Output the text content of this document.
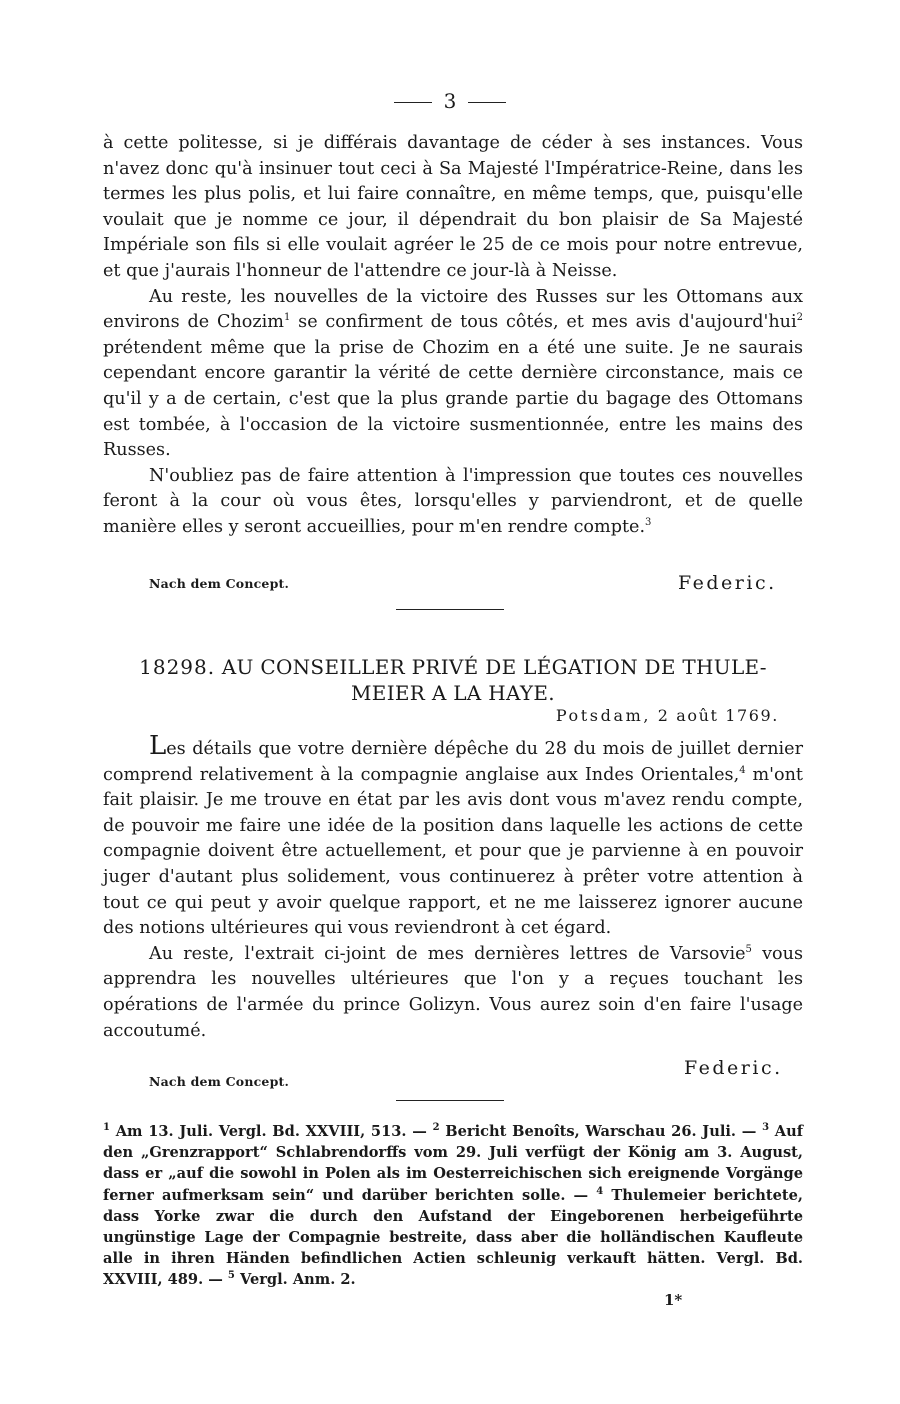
3

à cette politesse, si je différais davantage de céder à ses instances. Vous n'avez donc qu'à insinuer tout ceci à Sa Majesté l'Impératrice-Reine, dans les termes les plus polis, et lui faire connaître, en même temps, que, puisqu'elle voulait que je nomme ce jour, il dépendrait du bon plaisir de Sa Majesté Impériale son fils si elle voulait agréer le 25 de ce mois pour notre entrevue, et que j'aurais l'honneur de l'attendre ce jour-là à Neisse.

Au reste, les nouvelles de la victoire des Russes sur les Ottomans aux environs de Chozim$^1$ se confirment de tous côtés, et mes avis d'aujourd'hui$^2$ prétendent même que la prise de Chozim en a été une suite. Je ne saurais cependant encore garantir la vérité de cette dernière circonstance, mais ce qu'il y a de certain, c'est que la plus grande partie du bagage des Ottomans est tombée, à l'occasion de la victoire susmentionnée, entre les mains des Russes.

N'oubliez pas de faire attention à l'impression que toutes ces nouvelles feront à la cour où vous êtes, lorsqu'elles y parviendront, et de quelle manière elles y seront accueillies, pour m'en rendre compte.$^3$

Nach dem Concept.	Federic.
18298. AU CONSEILLER PRIVÉ DE LÉGATION DE THULE-
MEIER A LA HAYE.
Potsdam, 2 août 1769.

Les détails que votre dernière dépêche du 28 du mois de juillet dernier comprend relativement à la compagnie anglaise aux Indes Orientales,$^4$ m'ont fait plaisir. Je me trouve en état par les avis dont vous m'avez rendu compte, de pouvoir me faire une idée de la position dans laquelle les actions de cette compagnie doivent être actuellement, et pour que je parvienne à en pouvoir juger d'autant plus solidement, vous continuerez à prêter votre attention à tout ce qui peut y avoir quelque rapport, et ne me laisserez ignorer aucune des notions ultérieures qui vous reviendront à cet égard.

Au reste, l'extrait ci-joint de mes dernières lettres de Varsovie$^5$ vous apprendra les nouvelles ultérieures que l'on y a reçues touchant les opérations de l'armée du prince Golizyn. Vous aurez soin d'en faire l'usage accoutumé.

Federic.
Nach dem Concept.

$^1$ Am 13. Juli. Vergl. Bd. XXVIII, 513. — $^2$ Bericht Benoîts, Warschau 26. Juli. — $^3$ Auf den „Grenzrapport“ Schlabrendorffs vom 29. Juli verfügt der König am 3. August, dass er „auf die sowohl in Polen als im Oesterreichischen sich ereignende Vorgänge ferner aufmerksam sein“ und darüber berichten solle. — $^4$ Thulemeier berichtete, dass Yorke zwar die durch den Aufstand der Eingeborenen herbeigeführte ungünstige Lage der Compagnie bestreite, dass aber die holländischen Kaufleute alle in ihren Händen befindlichen Actien schleunig verkauft hätten. Vergl. Bd. XXVIII, 489. — $^5$ Vergl. Anm. 2.

1*
